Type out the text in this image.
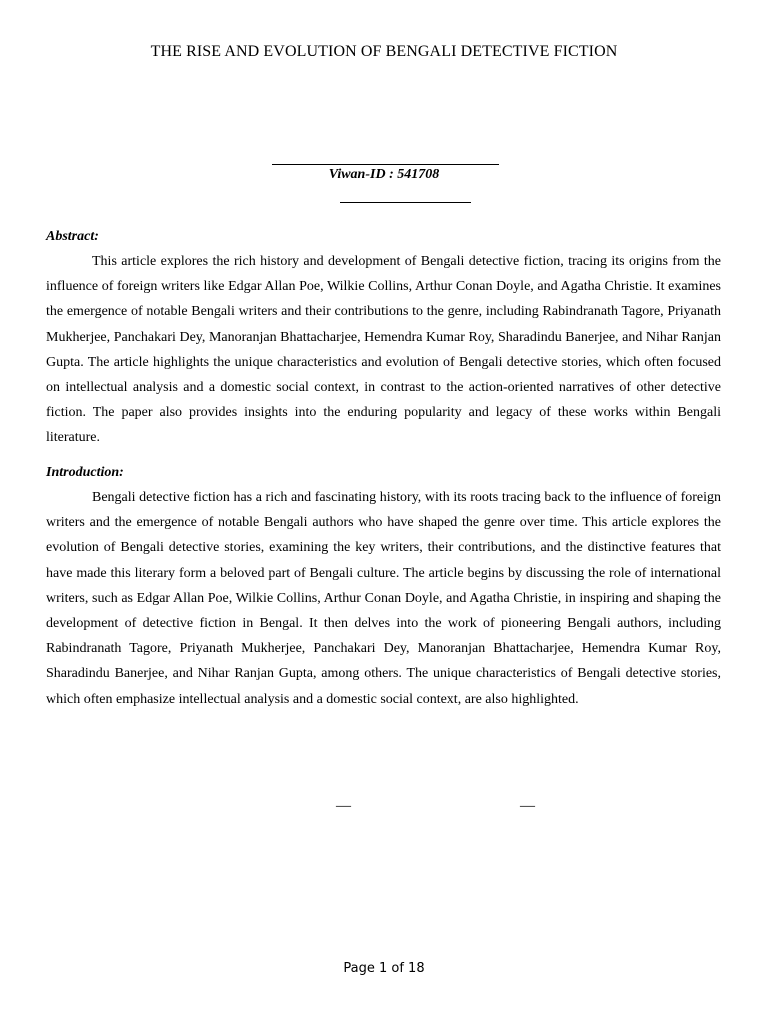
THE RISE AND EVOLUTION OF BENGALI DETECTIVE FICTION
Viwan-ID : 541708
Abstract:

This article explores the rich history and development of Bengali detective fiction, tracing its origins from the influence of foreign writers like Edgar Allan Poe, Wilkie Collins, Arthur Conan Doyle, and Agatha Christie. It examines the emergence of notable Bengali writers and their contributions to the genre, including Rabindranath Tagore, Priyanath Mukherjee, Panchakari Dey, Manoranjan Bhattacharjee, Hemendra Kumar Roy, Sharadindu Banerjee, and Nihar Ranjan Gupta. The article highlights the unique characteristics and evolution of Bengali detective stories, which often focused on intellectual analysis and a domestic social context, in contrast to the action-oriented narratives of other detective fiction. The paper also provides insights into the enduring popularity and legacy of these works within Bengali literature.

Introduction:

Bengali detective fiction has a rich and fascinating history, with its roots tracing back to the influence of foreign writers and the emergence of notable Bengali authors who have shaped the genre over time. This article explores the evolution of Bengali detective stories, examining the key writers, their contributions, and the distinctive features that have made this literary form a beloved part of Bengali culture. The article begins by discussing the role of international writers, such as Edgar Allan Poe, Wilkie Collins, Arthur Conan Doyle, and Agatha Christie, in inspiring and shaping the development of detective fiction in Bengal. It then delves into the work of pioneering Bengali authors, including Rabindranath Tagore, Priyanath Mukherjee, Panchakari Dey, Manoranjan Bhattacharjee, Hemendra Kumar Roy, Sharadindu Banerjee, and Nihar Ranjan Gupta, among others. The unique characteristics of Bengali detective stories, which often emphasize intellectual analysis and a domestic social context, are also highlighted.

—	—
Page 1 of 18
